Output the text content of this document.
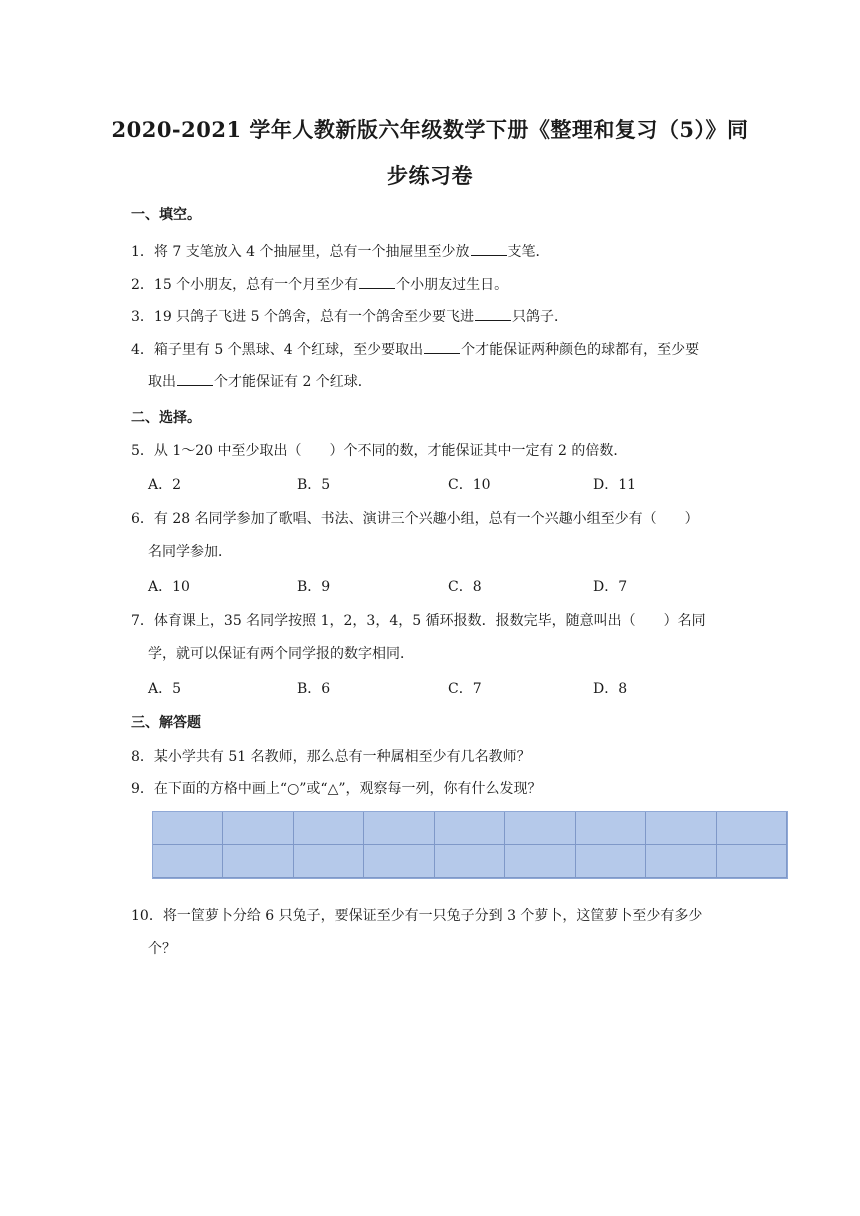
2020-2021 学年人教新版六年级数学下册《整理和复习（5）》同
步练习卷
一、填空。
1．将 7 支笔放入 4 个抽屉里，总有一个抽屉里至少放	支笔．
2．15 个小朋友，总有一个月至少有	个小朋友过生日。
3．19 只鸽子飞进 5 个鸽舍，总有一个鸽舍至少要飞进	只鸽子．
4．箱子里有 5 个黑球、4 个红球，至少要取出	个才能保证两种颜色的球都有，至少要
取出	个才能保证有 2 个红球．
二、选择。
5．从 1～20 中至少取出（　　）个不同的数，才能保证其中一定有 2 的倍数．
A．2	B．5	C．10	D．11
6．有 28 名同学参加了歌唱、书法、演讲三个兴趣小组，总有一个兴趣小组至少有（　　）
名同学参加．
A．10	B．9	C．8	D．7
7．体育课上，35 名同学按照 1，2，3，4，5 循环报数．报数完毕，随意叫出（　　）名同
学，就可以保证有两个同学报的数字相同．
A．5	B．6	C．7	D．8
三、解答题
8．某小学共有 51 名教师，那么总有一种属相至少有几名教师？
9．在下面的方格中画上“○”或“△”，观察每一列，你有什么发现？
10．将一筐萝卜分给 6 只兔子，要保证至少有一只兔子分到 3 个萝卜，这筐萝卜至少有多少
个？
